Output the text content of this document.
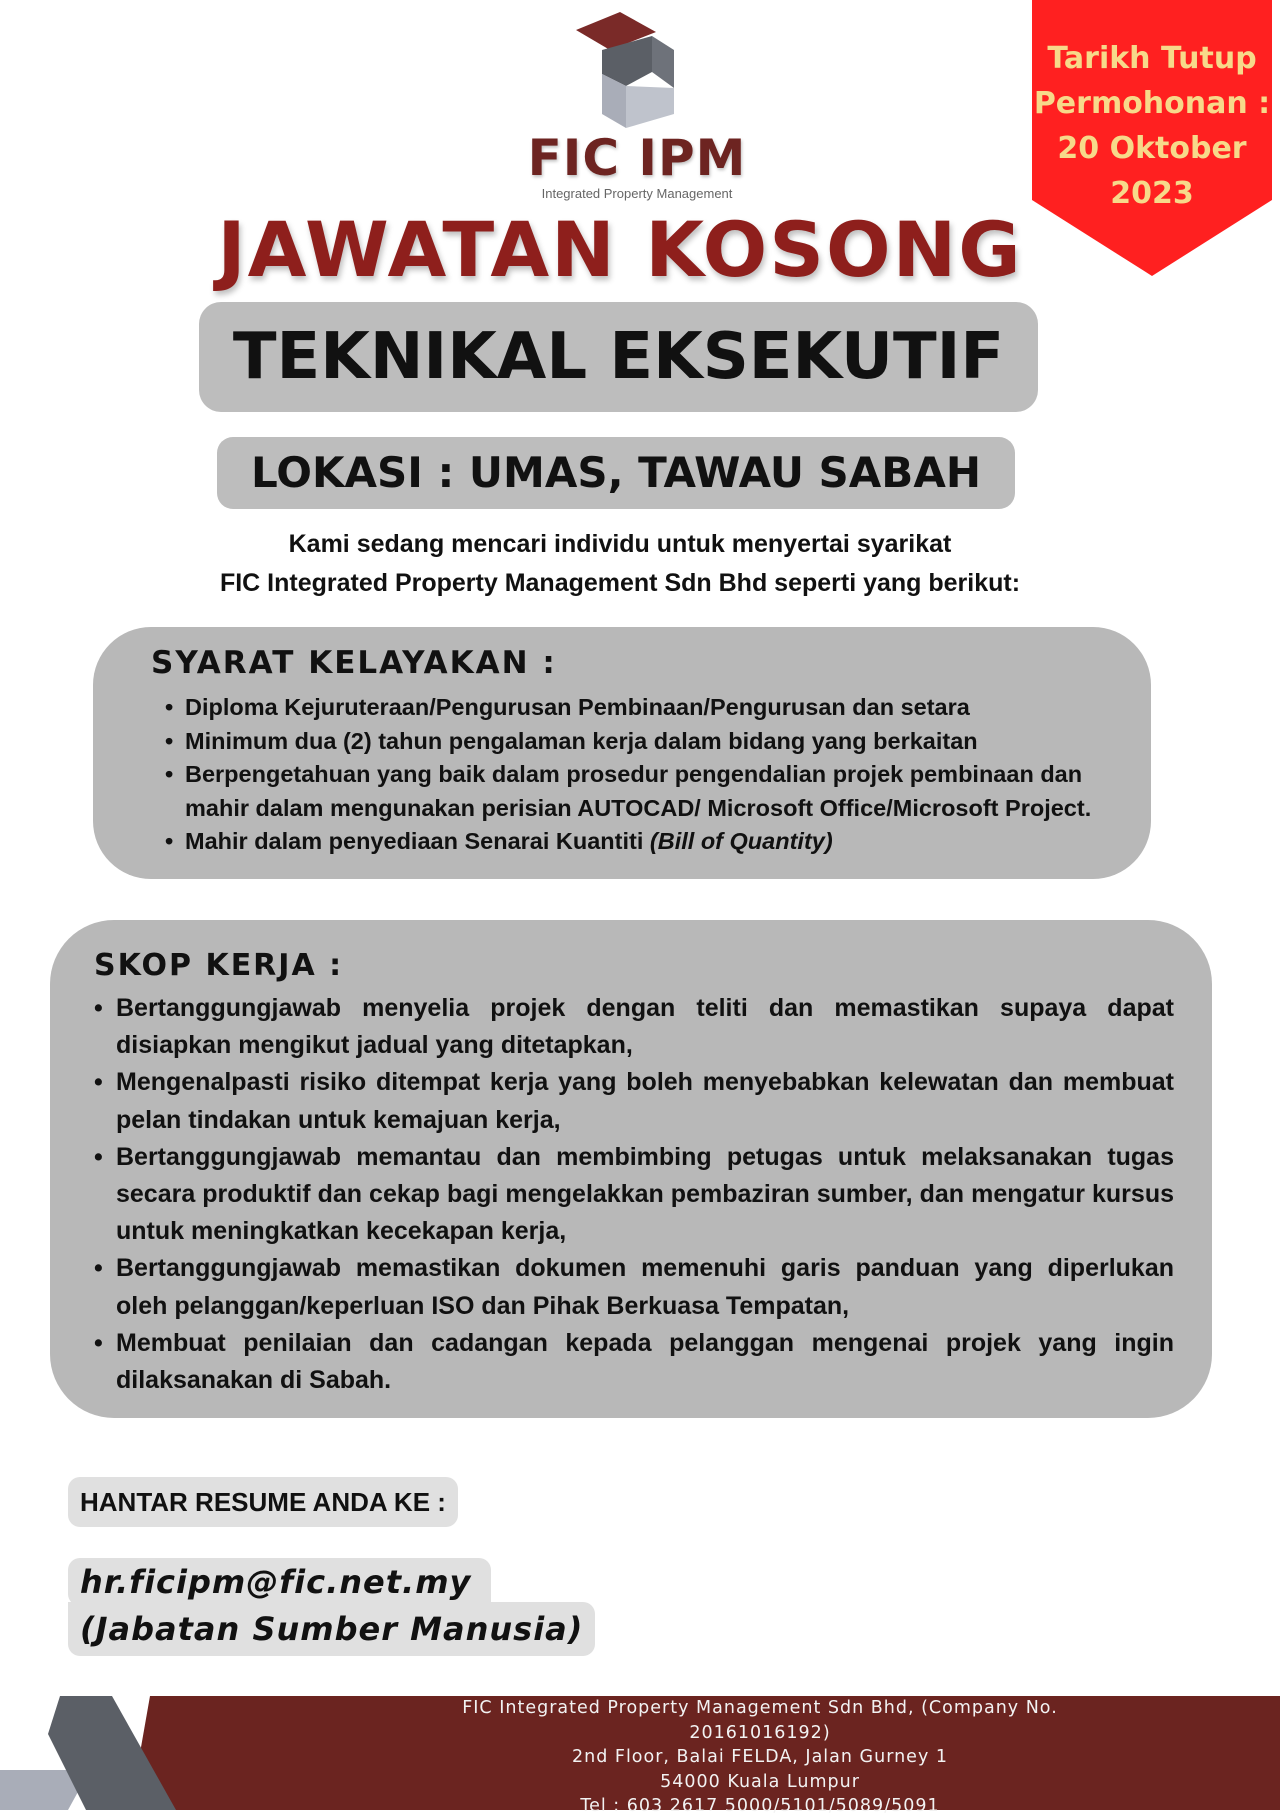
FIC IPM
Integrated Property Management
Tarikh Tutup
Permohonan :
20 Oktober
2023
JAWATAN KOSONG
TEKNIKAL EKSEKUTIF
LOKASI : UMAS, TAWAU SABAH
Kami sedang mencari individu untuk menyertai syarikat
FIC Integrated Property Management Sdn Bhd seperti yang berikut:
SYARAT KELAYAKAN :
• Diploma Kejuruteraan/Pengurusan Pembinaan/Pengurusan dan setara
• Minimum dua (2) tahun pengalaman kerja dalam bidang yang berkaitan
• Berpengetahuan yang baik dalam prosedur pengendalian projek pembinaan dan mahir dalam mengunakan perisian AUTOCAD/ Microsoft Office/Microsoft Project.
• Mahir dalam penyediaan Senarai Kuantiti (Bill of Quantity)
SKOP KERJA :
• Bertanggungjawab menyelia projek dengan teliti dan memastikan supaya dapat disiapkan mengikut jadual yang ditetapkan,
• Mengenalpasti risiko ditempat kerja yang boleh menyebabkan kelewatan dan membuat pelan tindakan untuk kemajuan kerja,
• Bertanggungjawab memantau dan membimbing petugas untuk melaksanakan tugas secara produktif dan cekap bagi mengelakkan pembaziran sumber, dan mengatur kursus untuk meningkatkan kecekapan kerja,
• Bertanggungjawab memastikan dokumen memenuhi garis panduan yang diperlukan oleh pelanggan/keperluan ISO dan Pihak Berkuasa Tempatan,
• Membuat penilaian dan cadangan kepada pelanggan mengenai projek yang ingin dilaksanakan di Sabah.
HANTAR RESUME ANDA KE :
hr.ficipm@fic.net.my
(Jabatan Sumber Manusia)
FIC Integrated Property Management Sdn Bhd, (Company No. 20161016192)
2nd Floor, Balai FELDA, Jalan Gurney 1
54000 Kuala Lumpur
Tel : 603 2617 5000/5101/5089/5091
